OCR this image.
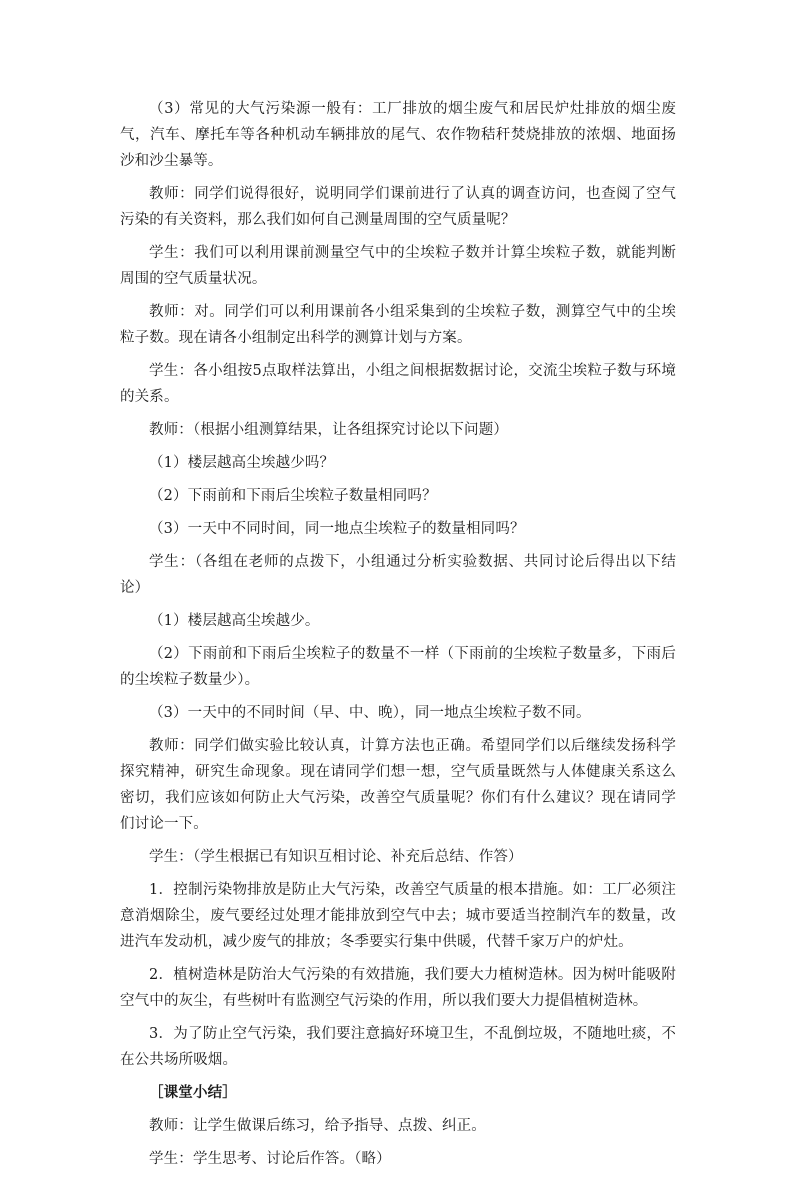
（3）常见的大气污染源一般有：工厂排放的烟尘废气和居民炉灶排放的烟尘废气，汽车、摩托车等各种机动车辆排放的尾气、农作物秸秆焚烧排放的浓烟、地面扬沙和沙尘暴等。

教师：同学们说得很好，说明同学们课前进行了认真的调查访问，也查阅了空气污染的有关资料，那么我们如何自己测量周围的空气质量呢？

学生：我们可以利用课前测量空气中的尘埃粒子数并计算尘埃粒子数，就能判断周围的空气质量状况。

教师：对。同学们可以利用课前各小组采集到的尘埃粒子数，测算空气中的尘埃粒子数。现在请各小组制定出科学的测算计划与方案。

学生：各小组按5点取样法算出，小组之间根据数据讨论，交流尘埃粒子数与环境的关系。

教师：（根据小组测算结果，让各组探究讨论以下问题）

（1）楼层越高尘埃越少吗？

（2）下雨前和下雨后尘埃粒子数量相同吗？

（3）一天中不同时间，同一地点尘埃粒子的数量相同吗？

学生：（各组在老师的点拨下，小组通过分析实验数据、共同讨论后得出以下结论）

（1）楼层越高尘埃越少。

（2）下雨前和下雨后尘埃粒子的数量不一样（下雨前的尘埃粒子数量多，下雨后的尘埃粒子数量少）。

（3）一天中的不同时间（早、中、晚），同一地点尘埃粒子数不同。

教师：同学们做实验比较认真，计算方法也正确。希望同学们以后继续发扬科学探究精神，研究生命现象。现在请同学们想一想，空气质量既然与人体健康关系这么密切，我们应该如何防止大气污染，改善空气质量呢？你们有什么建议？现在请同学们讨论一下。

学生：（学生根据已有知识互相讨论、补充后总结、作答）

1．控制污染物排放是防止大气污染，改善空气质量的根本措施。如：工厂必须注意消烟除尘，废气要经过处理才能排放到空气中去；城市要适当控制汽车的数量，改进汽车发动机，减少废气的排放；冬季要实行集中供暖，代替千家万户的炉灶。

2．植树造林是防治大气污染的有效措施，我们要大力植树造林。因为树叶能吸附空气中的灰尘，有些树叶有监测空气污染的作用，所以我们要大力提倡植树造林。

3．为了防止空气污染，我们要注意搞好环境卫生，不乱倒垃圾，不随地吐痰，不在公共场所吸烟。

［课堂小结］

教师：让学生做课后练习，给予指导、点拨、纠正。

学生：学生思考、讨论后作答。（略）
